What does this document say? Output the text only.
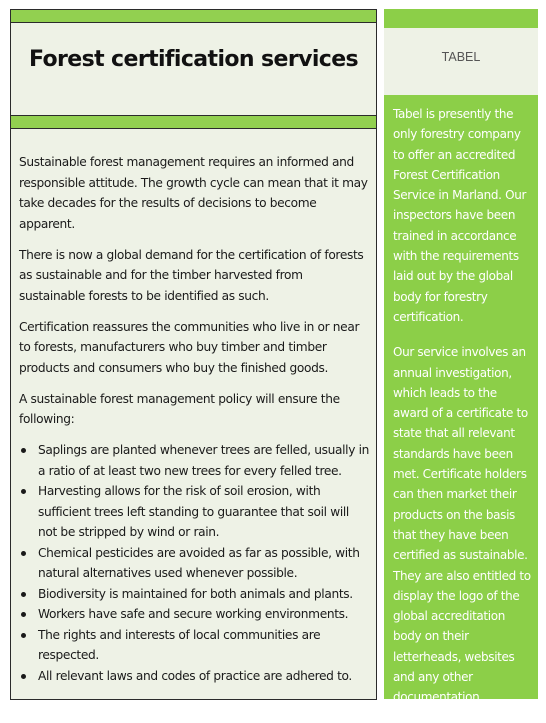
Forest certification services

Sustainable forest management requires an informed and responsible attitude. The growth cycle can mean that it may take decades for the results of decisions to become apparent.

There is now a global demand for the certification of forests as sustainable and for the timber harvested from sustainable forests to be identified as such.

Certification reassures the communities who live in or near to forests, manufacturers who buy timber and timber products and consumers who buy the finished goods.

A sustainable forest management policy will ensure the following:

Saplings are planted whenever trees are felled, usually in a ratio of at least two new trees for every felled tree.
Harvesting allows for the risk of soil erosion, with sufficient trees left standing to guarantee that soil will not be stripped by wind or rain.
Chemical pesticides are avoided as far as possible, with natural alternatives used whenever possible.
Biodiversity is maintained for both animals and plants.
Workers have safe and secure working environments.
The rights and interests of local communities are respected.
All relevant laws and codes of practice are adhered to.
TABEL

Tabel is presently the only forestry company to offer an accredited Forest Certification Service in Marland. Our inspectors have been trained in accordance with the requirements laid out by the global body for forestry certification.

Our service involves an annual investigation, which leads to the award of a certificate to state that all relevant standards have been met. Certificate holders can then market their products on the basis that they have been certified as sustainable. They are also entitled to display the logo of the global accreditation body on their letterheads, websites and any other documentation.
